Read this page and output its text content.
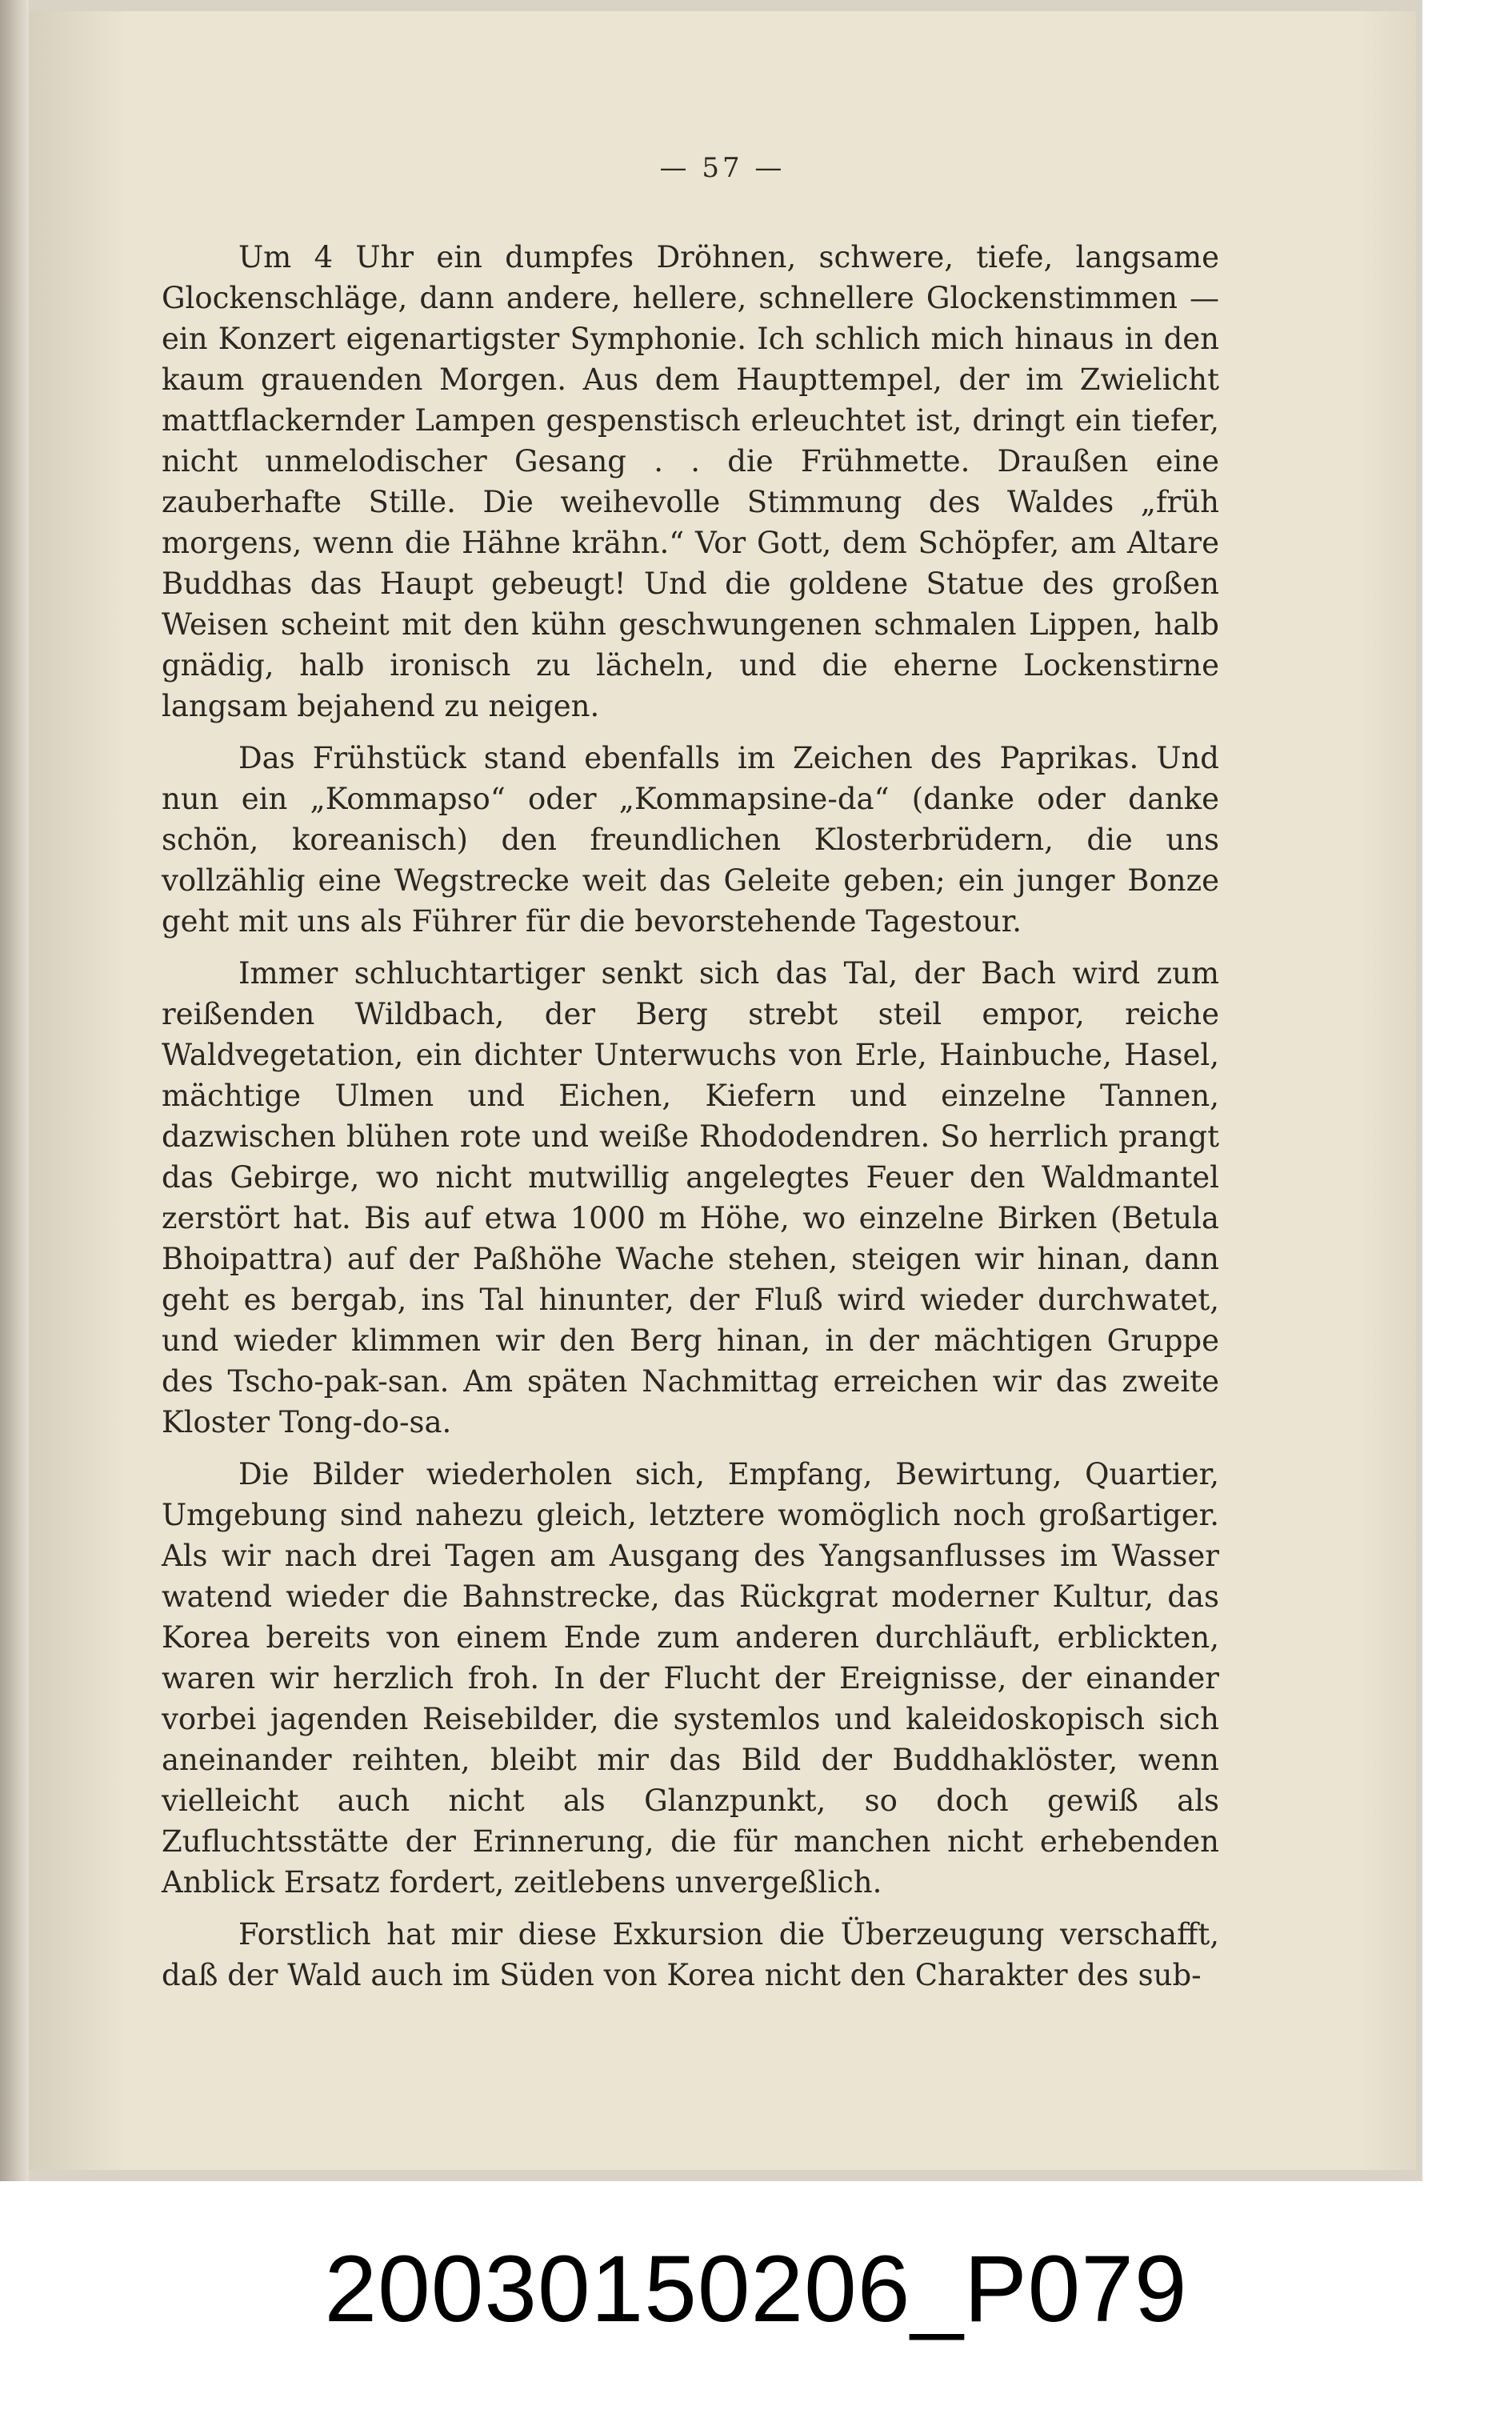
— 57 —

Um 4 Uhr ein dumpfes Dröhnen, schwere, tiefe, langsame Glockenschläge, dann andere, hellere, schnellere Glockenstimmen — ein Konzert eigenartigster Symphonie. Ich schlich mich hinaus in den kaum grauenden Morgen. Aus dem Haupttempel, der im Zwielicht mattflackernder Lampen gespenstisch erleuchtet ist, dringt ein tiefer, nicht unmelodischer Gesang . . die Frühmette. Draußen eine zauberhafte Stille. Die weihevolle Stimmung des Waldes „früh morgens, wenn die Hähne krähn.“ Vor Gott, dem Schöpfer, am Altare Buddhas das Haupt gebeugt! Und die goldene Statue des großen Weisen scheint mit den kühn geschwungenen schmalen Lippen, halb gnädig, halb ironisch zu lächeln, und die eherne Lockenstirne langsam bejahend zu neigen.

Das Frühstück stand ebenfalls im Zeichen des Paprikas. Und nun ein „Kommapso“ oder „Kommapsine-da“ (danke oder danke schön, koreanisch) den freundlichen Klosterbrüdern, die uns vollzählig eine Wegstrecke weit das Geleite geben; ein junger Bonze geht mit uns als Führer für die bevorstehende Tagestour.

Immer schluchtartiger senkt sich das Tal, der Bach wird zum reißenden Wildbach, der Berg strebt steil empor, reiche Waldvegetation, ein dichter Unterwuchs von Erle, Hainbuche, Hasel, mächtige Ulmen und Eichen, Kiefern und einzelne Tannen, dazwischen blühen rote und weiße Rhododendren. So herrlich prangt das Gebirge, wo nicht mutwillig angelegtes Feuer den Waldmantel zerstört hat. Bis auf etwa 1000 m Höhe, wo einzelne Birken (Betula Bhoipattra) auf der Paßhöhe Wache stehen, steigen wir hinan, dann geht es bergab, ins Tal hinunter, der Fluß wird wieder durchwatet, und wieder klimmen wir den Berg hinan, in der mächtigen Gruppe des Tscho-pak-san. Am späten Nachmittag erreichen wir das zweite Kloster Tong-do-sa.

Die Bilder wiederholen sich, Empfang, Bewirtung, Quartier, Umgebung sind nahezu gleich, letztere womöglich noch großartiger. Als wir nach drei Tagen am Ausgang des Yangsanflusses im Wasser watend wieder die Bahnstrecke, das Rückgrat moderner Kultur, das Korea bereits von einem Ende zum anderen durchläuft, erblickten, waren wir herzlich froh. In der Flucht der Ereignisse, der einander vorbei jagenden Reisebilder, die systemlos und kaleidoskopisch sich aneinander reihten, bleibt mir das Bild der Buddhaklöster, wenn vielleicht auch nicht als Glanzpunkt, so doch gewiß als Zufluchtsstätte der Erinnerung, die für manchen nicht erhebenden Anblick Ersatz fordert, zeitlebens unvergeßlich.

Forstlich hat mir diese Exkursion die Überzeugung verschafft, daß der Wald auch im Süden von Korea nicht den Charakter des sub-

20030150206_P079
